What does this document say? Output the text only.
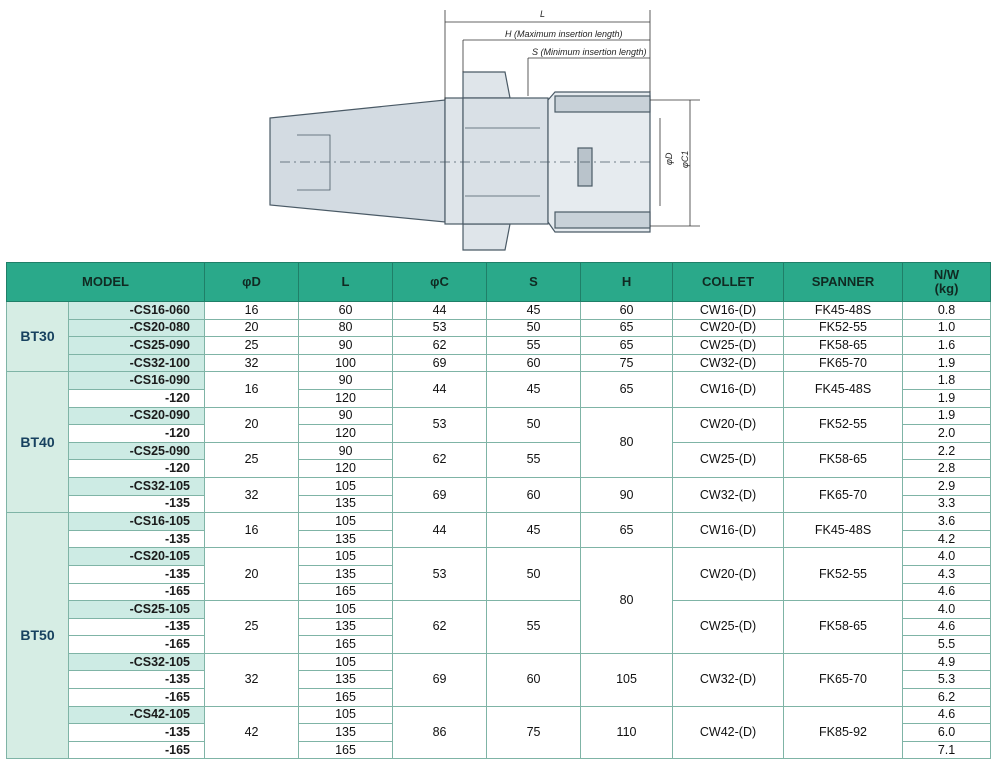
L
H (Maximum insertion length)
S (Minimum insertion length)
φD φC1
MODEL		φD	L	φC	S	H	COLLET	SPANNER	N/W
(kg)
BT30	-CS16-060	16	60	44	45	60	CW16-(D)	FK45-48S	0.8
	-CS20-080	20	80	53	50	65	CW20-(D)	FK52-55	1.0
	-CS25-090	25	90	62	55	65	CW25-(D)	FK58-65	1.6
	-CS32-100	32	100	69	60	75	CW32-(D)	FK65-70	1.9
BT40	-CS16-090	16	90	44	45	65	CW16-(D)	FK45-48S	1.8
	-120		120						1.9
	-CS20-090	20	90	53	50	80	CW20-(D)	FK52-55	1.9
	-120		120						2.0
	-CS25-090	25	90	62	55		CW25-(D)	FK58-65	2.2
	-120		120						2.8
	-CS32-105	32	105	69	60	90	CW32-(D)	FK65-70	2.9
	-135		135						3.3
BT50	-CS16-105	16	105	44	45	65	CW16-(D)	FK45-48S	3.6
	-135		135						4.2
	-CS20-105	20	105	53	50	80	CW20-(D)	FK52-55	4.0
	-135		135						4.3
	-165		165						4.6
	-CS25-105	25	105	62	55		CW25-(D)	FK58-65	4.0
	-135		135						4.6
	-165		165						5.5
	-CS32-105	32	105	69	60	105	CW32-(D)	FK65-70	4.9
	-135		135						5.3
	-165		165						6.2
	-CS42-105	42	105	86	75	110	CW42-(D)	FK85-92	4.6
	-135		135						6.0
	-165		165						7.1
